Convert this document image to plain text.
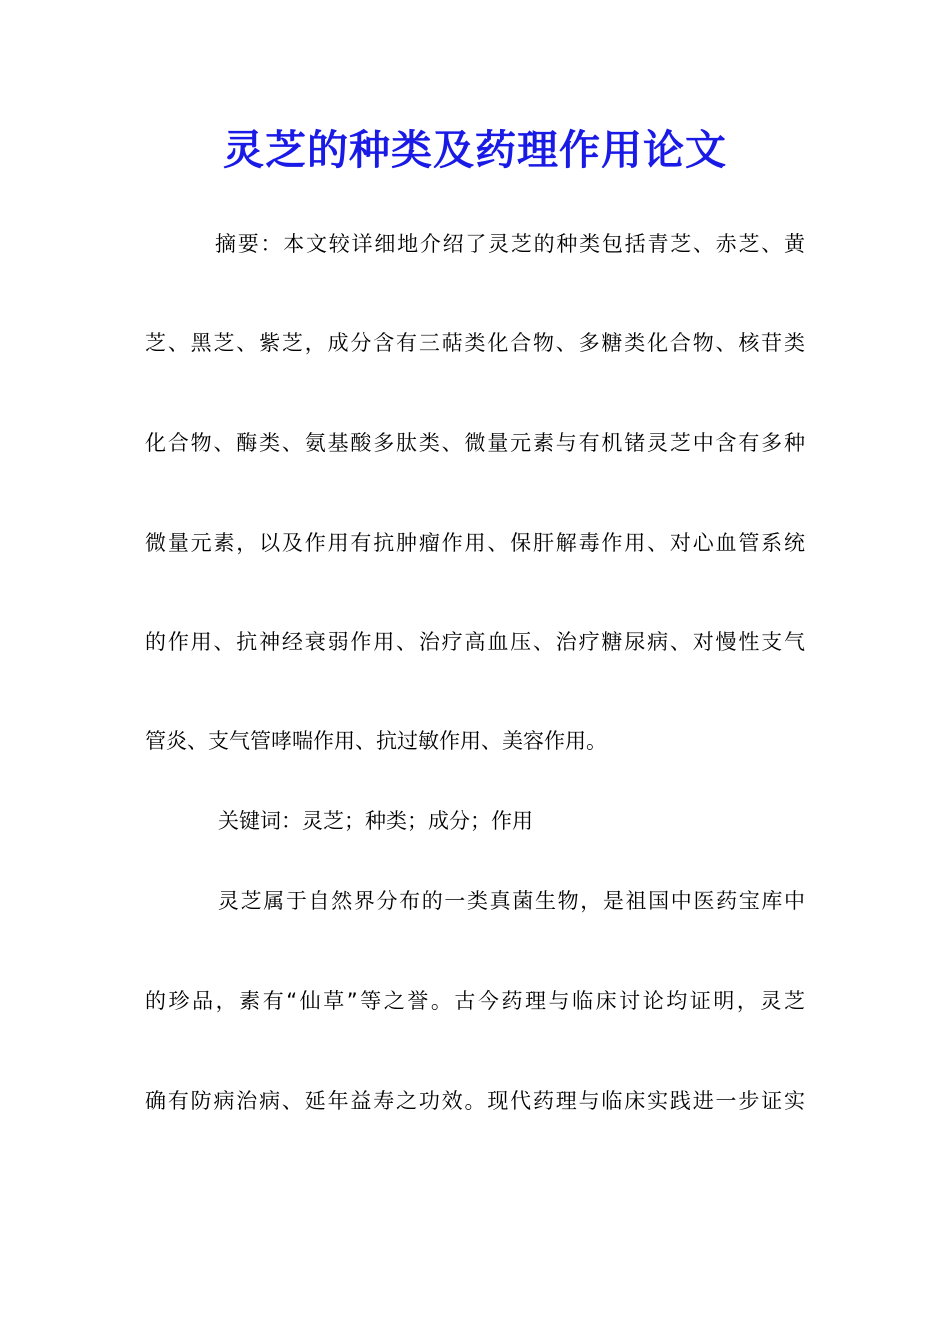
灵芝的种类及药理作用论文
摘要：本文较详细地介绍了灵芝的种类包括青芝、赤芝、黄
芝、黑芝、紫芝，成分含有三萜类化合物、多糖类化合物、核苷类
化合物、酶类、氨基酸多肽类、微量元素与有机锗灵芝中含有多种
微量元素，以及作用有抗肿瘤作用、保肝解毒作用、对心血管系统
的作用、抗神经衰弱作用、治疗高血压、治疗糖尿病、对慢性支气
管炎、支气管哮喘作用、抗过敏作用、美容作用。
关键词：灵芝；种类；成分；作用
灵芝属于自然界分布的一类真菌生物，是祖国中医药宝库中
的珍品，素有“仙草”等之誉。古今药理与临床讨论均证明，灵芝
确有防病治病、延年益寿之功效。现代药理与临床实践进一步证实
